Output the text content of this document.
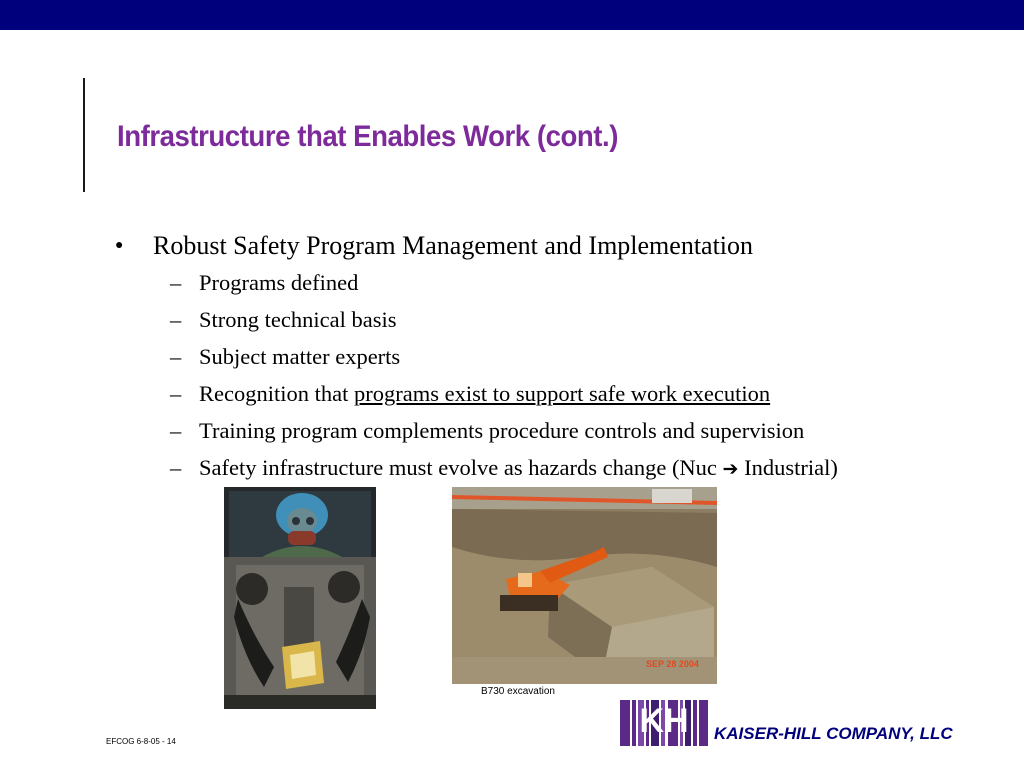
Infrastructure that Enables Work (cont.)
● Robust Safety Program Management and Implementation
– Programs defined
– Strong technical basis
– Subject matter experts
– Recognition that programs exist to support safe work execution
– Training program complements procedure controls and supervision
– Safety infrastructure must evolve as hazards change (Nuc ➔ Industrial)
SEP 28 2004
B730 excavation
KH KAISER-HILL COMPANY, LLC
EFCOG 6-8-05 - 14
